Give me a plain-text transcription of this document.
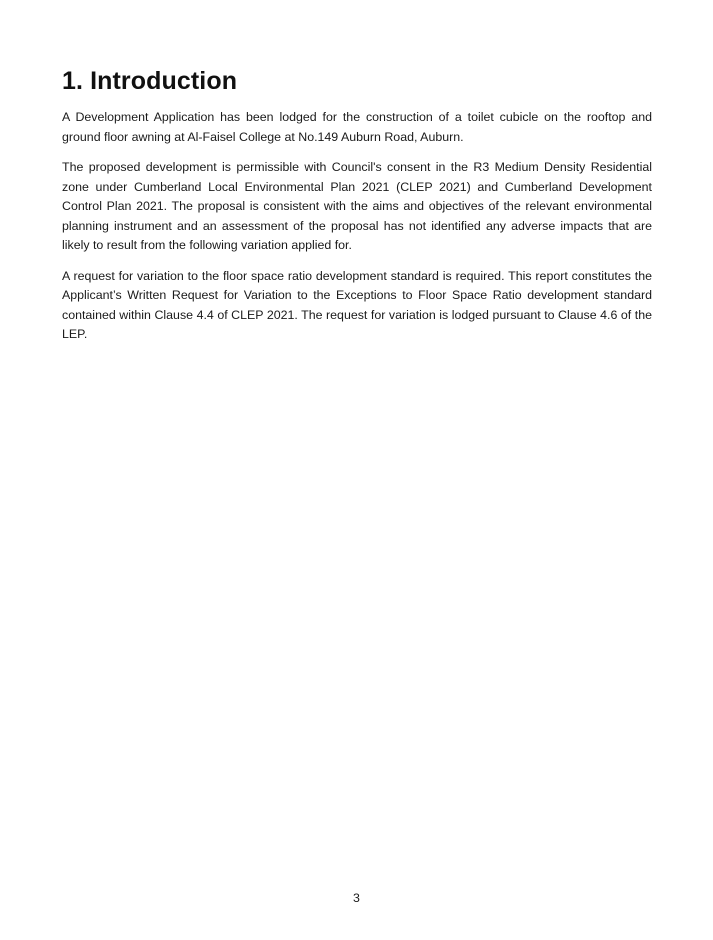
1. Introduction

A Development Application has been lodged for the construction of a toilet cubicle on the rooftop and ground floor awning at Al-Faisel College at No.149 Auburn Road, Auburn.

The proposed development is permissible with Council's consent in the R3 Medium Density Residential zone under Cumberland Local Environmental Plan 2021 (CLEP 2021) and Cumberland Development Control Plan 2021. The proposal is consistent with the aims and objectives of the relevant environmental planning instrument and an assessment of the proposal has not identified any adverse impacts that are likely to result from the following variation applied for.

A request for variation to the floor space ratio development standard is required. This report constitutes the Applicant’s Written Request for Variation to the Exceptions to Floor Space Ratio development standard contained within Clause 4.4 of CLEP 2021. The request for variation is lodged pursuant to Clause 4.6 of the LEP.

3
